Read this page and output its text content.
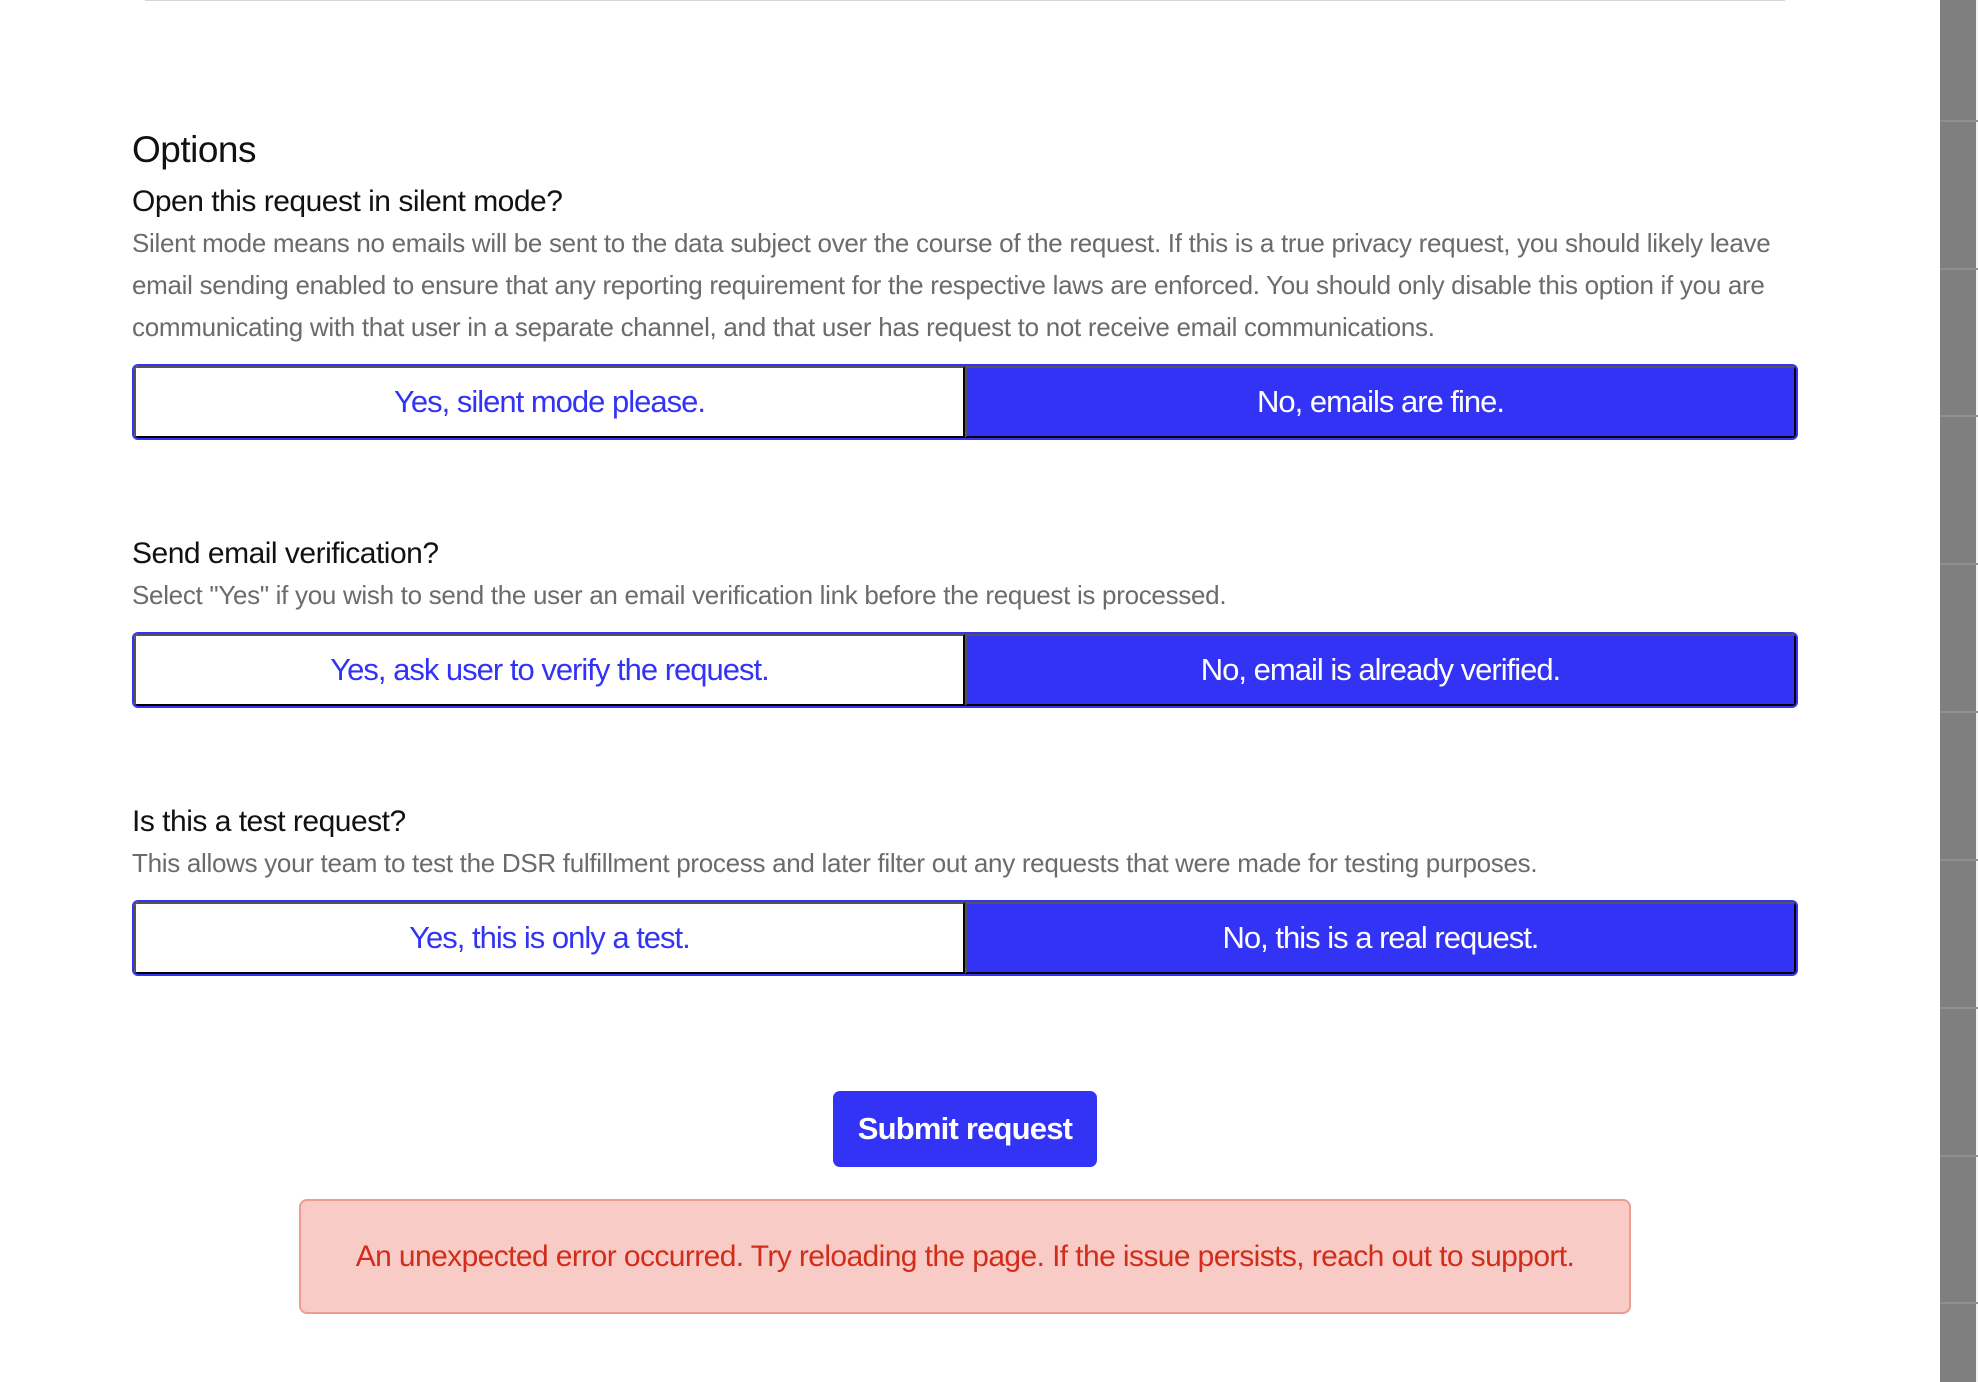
Options
Open this request in silent mode?

Silent mode means no emails will be sent to the data subject over the course of the request. If this is a true privacy request, you should likely leave email sending enabled to ensure that any reporting requirement for the respective laws are enforced. You should only disable this option if you are communicating with that user in a separate channel, and that user has request to not receive email communications.

Yes, silent mode please.	No, emails are fine.
Send email verification?

Select "Yes" if you wish to send the user an email verification link before the request is processed.

Yes, ask user to verify the request.	No, email is already verified.
Is this a test request?

This allows your team to test the DSR fulfillment process and later filter out any requests that were made for testing purposes.

Yes, this is only a test.	No, this is a real request.
Submit request
An unexpected error occurred. Try reloading the page. If the issue persists, reach out to support.
